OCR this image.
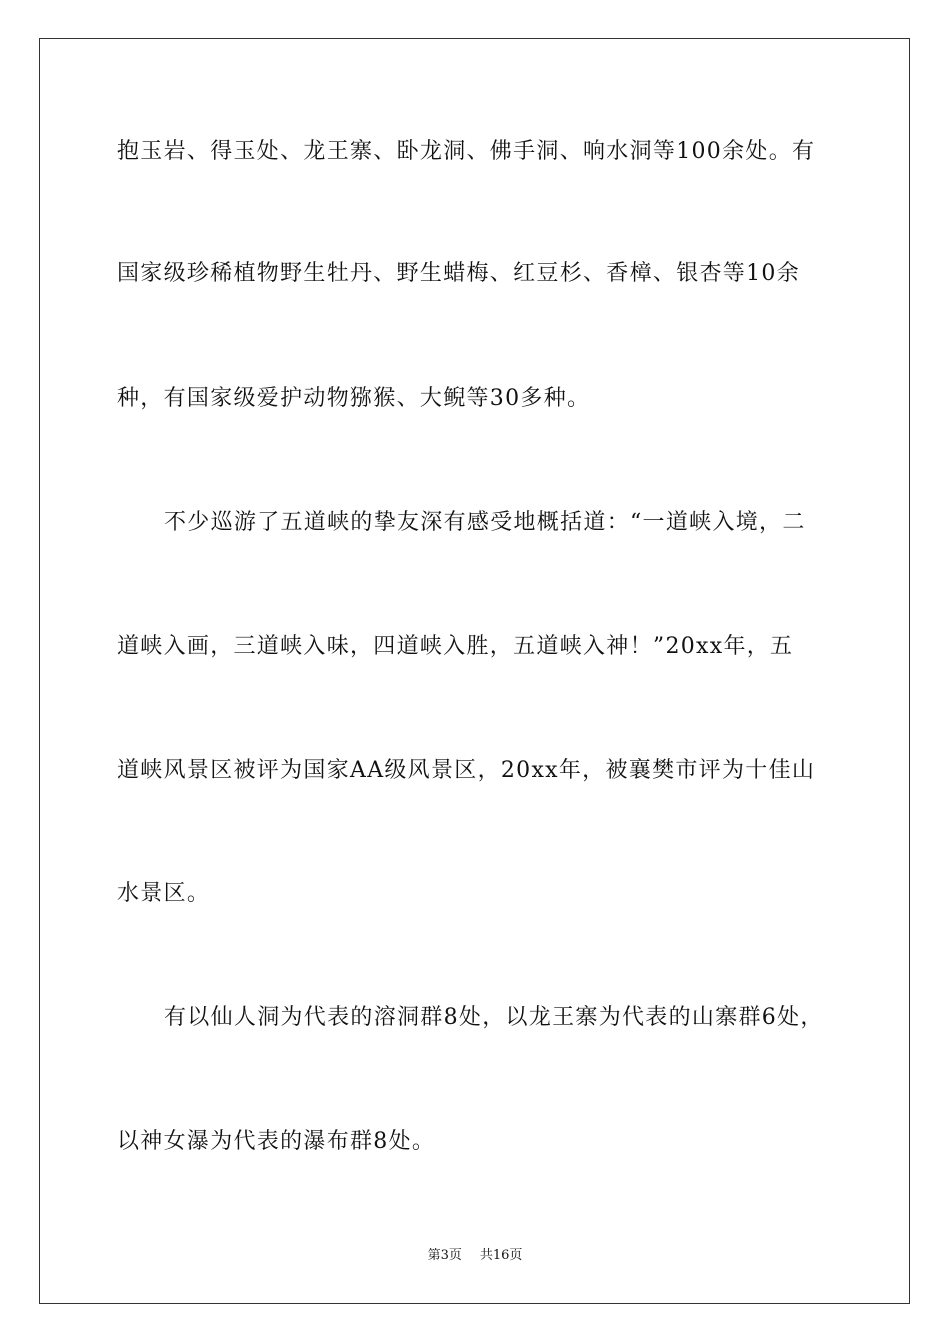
抱玉岩、得玉处、龙王寨、卧龙洞、佛手洞、响水洞等100余处。有
国家级珍稀植物野生牡丹、野生蜡梅、红豆杉、香樟、银杏等10余
种，有国家级爱护动物猕猴、大鲵等30多种。
不少巡游了五道峡的挚友深有感受地概括道：“一道峡入境，二
道峡入画，三道峡入味，四道峡入胜，五道峡入神！”20xx年，五
道峡风景区被评为国家AA级风景区，20xx年，被襄樊市评为十佳山
水景区。
有以仙人洞为代表的溶洞群8处，以龙王寨为代表的山寨群6处，
以神女瀑为代表的瀑布群8处。
第3页 共16页
